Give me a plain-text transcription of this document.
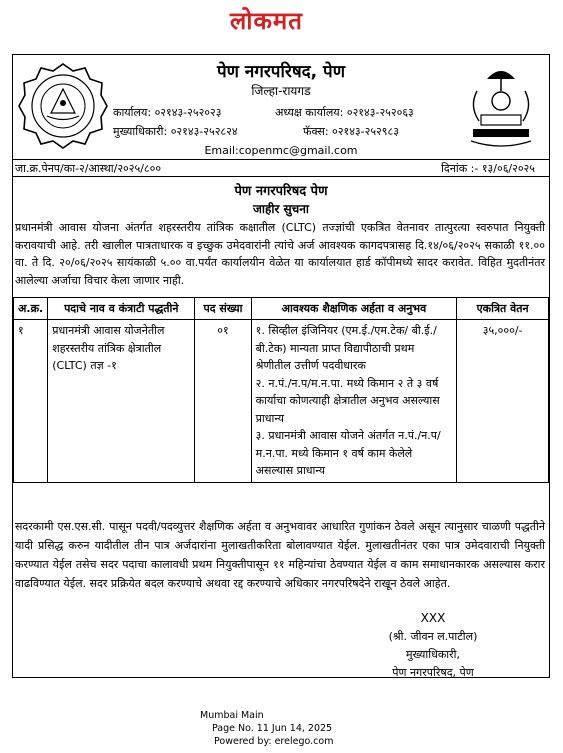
लोकमत
पेण नगरपरिषद, पेण
जिल्हा-रायगड
कार्यालय: ०२१४३-२५२०२३	अध्यक्ष कार्यालय: ०२१४३-२५२०६३
मुख्याधिकारी: ०२१४३-२५२८२४	फॅक्स: ०२१४३-२५२९८३
Email:copenmc@gmail.com
जा.क्र.पेनप/का-२/आस्था/२०२५/८००	दिनांक :- १३/०६/२०२५
पेण नगरपरिषद पेण
जाहीर सुचना
प्रधानमंत्री आवास योजना अंतर्गत शहरस्तरीय तांत्रिक कक्षातील (CLTC) तज्ज्ञांची एकत्रित वेतनावर तात्पुरत्या स्वरुपात नियुक्ती करावयाची आहे. तरी खालील पात्रताधारक व इच्छुक उमेदवारांनी त्यांचे अर्ज आवश्यक कागदपत्रासह दि.१४/०६/२०२५ सकाळी ११.०० वा. ते दि. २०/०६/२०२५ सायंकाळी ५.०० वा.पर्यंत कार्यालयीन वेळेत या कार्यालयात हार्ड कॉपीमध्ये सादर करावेत. विहित मुदतीनंतर आलेल्या अर्जाचा विचार केला जाणार नाही.
अ.क्र.	पदाचे नाव व कंत्राटी पद्धतीने	पद संख्या	आवश्यक शैक्षणिक अर्हता व अनुभव	एकत्रित वेतन
१	प्रधानमंत्री आवास योजनेतील शहरस्तरीय तांत्रिक क्षेत्रातील (CLTC) तज्ञ -१	०१	१. सिव्हील इंजिनियर (एम.ई./एम.टेक/ बी.ई./बी.टेक) मान्यता प्राप्त विद्यापीठाची प्रथम श्रेणीतील उत्तीर्ण पदवीधारक
२. न.पं./न.प/म.न.पा. मध्ये किमान २ ते ३ वर्ष कार्याचा कोणत्याही क्षेत्रातील अनुभव असल्यास प्राधान्य
३. प्रधानमंत्री आवास योजने अंतर्गत न.पं./न.प/म.न.पा. मध्ये किमान १ वर्ष काम केलेले असल्यास प्राधान्य	३५,०००/-
सदरकामी एस.एस.सी. पासून पदवी/पदव्युत्तर शैक्षणिक अर्हता व अनुभवावर आधारित गुणांकन ठेवले असून त्यानुसार चाळणी पद्धतीने यादी प्रसिद्ध करुन यादीतील तीन पात्र अर्जदारांना मुलाखतीकरिता बोलावण्यात येईल. मुलाखतीनंतर एका पात्र उमेदवाराची नियुक्ती करण्यात येईल तसेच सदर पदाचा कालावधी प्रथम नियुक्तीपासून ११ महिन्यांचा ठेवण्यात येईल व काम समाधानकारक असल्यास करार वाढविण्यात येईल. सदर प्रक्रियेत बदल करण्याचे अथवा रद्द करण्याचे अधिकार नगरपरिषदेने राखून ठेवले आहेत.
XXX
(श्री. जीवन ल.पाटील)
मुख्याधिकारी,
पेण नगरपरिषद, पेण
Mumbai Main
Page No. 11 Jun 14, 2025
Powered by: erelego.com
